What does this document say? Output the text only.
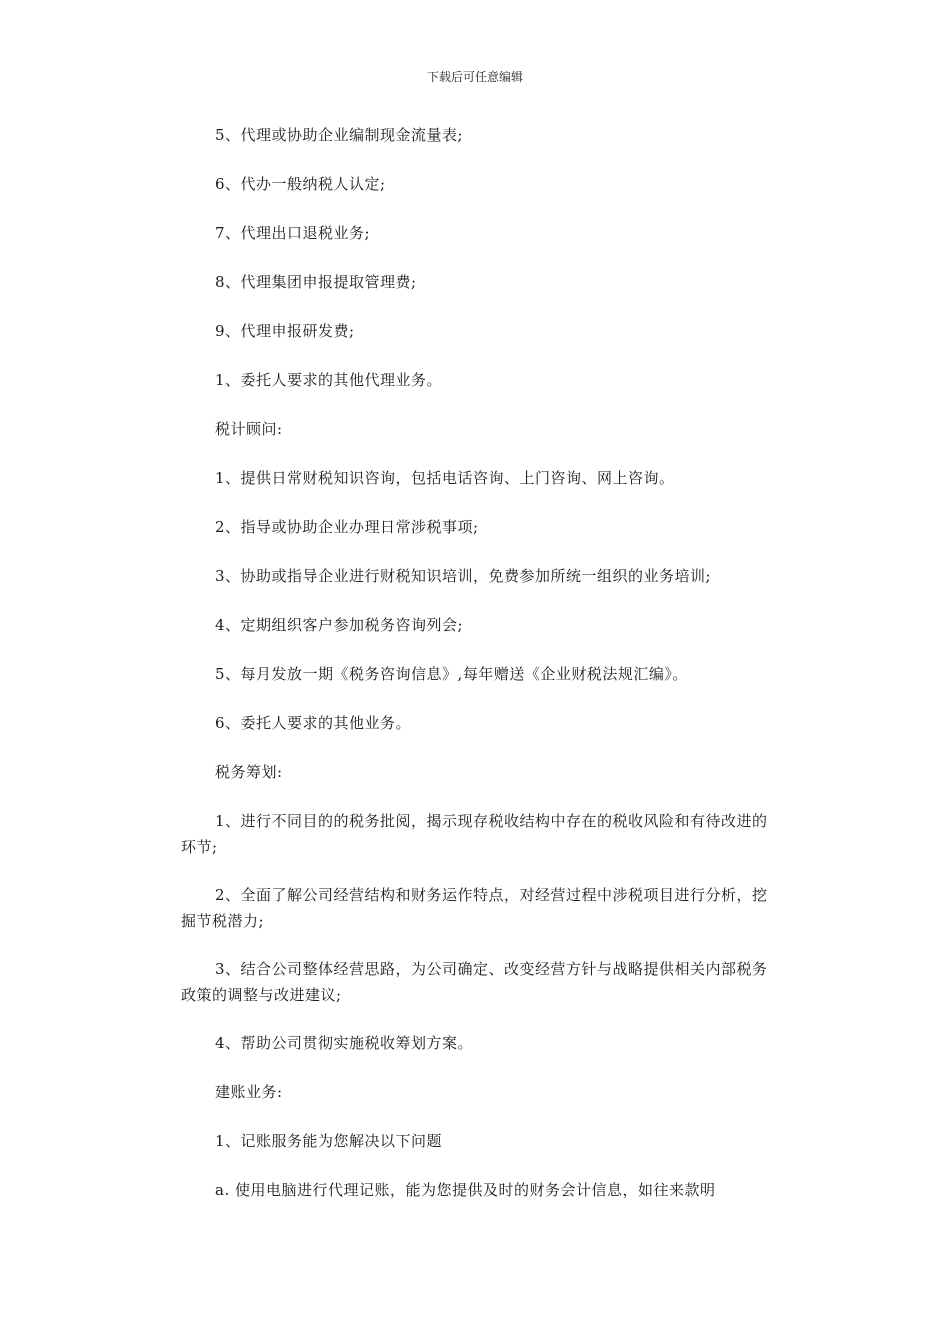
下载后可任意编辑

5、代理或协助企业编制现金流量表;

6、代办一般纳税人认定;

7、代理出口退税业务;

8、代理集团申报提取管理费;

9、代理申报研发费;

1、委托人要求的其他代理业务。

税计顾问:

1、提供日常财税知识咨询，包括电话咨询、上门咨询、网上咨询。

2、指导或协助企业办理日常涉税事项;

3、协助或指导企业进行财税知识培训，免费参加所统一组织的业务培训;

4、定期组织客户参加税务咨询列会;

5、每月发放一期《税务咨询信息》,每年赠送《企业财税法规汇编》。

6、委托人要求的其他业务。

税务筹划:

1、进行不同目的的税务批阅，揭示现存税收结构中存在的税收风险和有待改进的环节;

2、全面了解公司经营结构和财务运作特点，对经营过程中涉税项目进行分析，挖掘节税潜力;

3、结合公司整体经营思路，为公司确定、改变经营方针与战略提供相关内部税务政策的调整与改进建议;

4、帮助公司贯彻实施税收筹划方案。

建账业务:

1、记账服务能为您解决以下问题

a. 使用电脑进行代理记账，能为您提供及时的财务会计信息，如往来款明
